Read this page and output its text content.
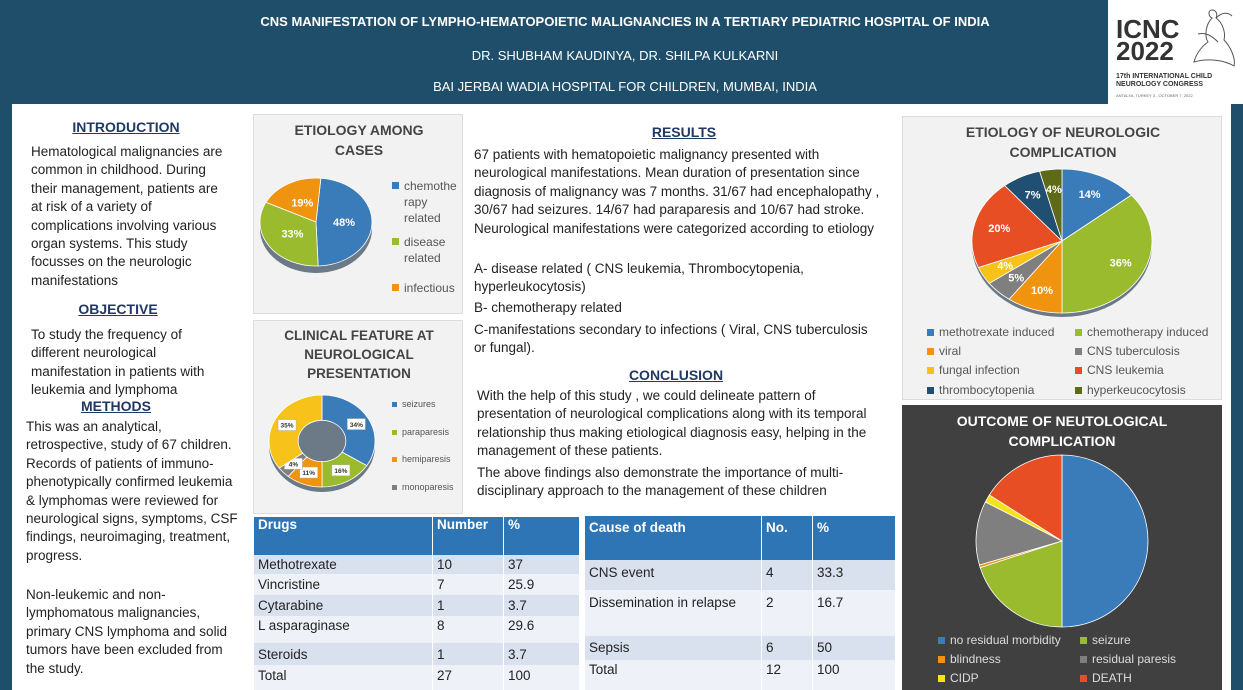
CNS MANIFESTATION OF LYMPHO-HEMATOPOIETIC MALIGNANCIES IN A TERTIARY PEDIATRIC HOSPITAL OF INDIA
DR. SHUBHAM KAUDINYA, DR. SHILPA KULKARNI
BAI JERBAI WADIA HOSPITAL FOR CHILDREN, MUMBAI, INDIA
ICNC
2022
17th INTERNATIONAL CHILD NEUROLOGY CONGRESS
ANTALYA, TURKEY 3 - OCTOBER 7, 2022
INTRODUCTION
Hematological malignancies are common in childhood. During their management, patients are at risk of a variety of complications involving various organ systems. This study focusses on the neurologic manifestations
OBJECTIVE
To study the frequency of different neurological manifestation in patients with leukemia and lymphoma
METHODS
This was an analytical, retrospective, study of 67 children. Records of patients of immuno-phenotypically confirmed leukemia & lymphomas were reviewed for neurological signs, symptoms, CSF findings, neuroimaging, treatment, progress.
Non-leukemic and non-lymphomatous malignancies, primary CNS lymphoma and solid tumors have been excluded from the study.
ETIOLOGY AMONG CASES
48%
33%
19%
chemothe
rapy
related
disease
related
infectious
CLINICAL FEATURE AT NEUROLOGICAL PRESENTATION
34%
16%
11%
4%
35%
seizures
paraparesis
hemiparesis
monoparesis
RESULTS
67 patients with hematopoietic malignancy presented with neurological manifestations. Mean duration of presentation since diagnosis of malignancy was 7 months. 31/67 had encephalopathy , 30/67 had seizures. 14/67 had paraparesis and 10/67 had stroke. Neurological manifestations were categorized according to etiology
A- disease related ( CNS leukemia, Thrombocytopenia, hyperleukocytosis)
B- chemotherapy related
C-manifestations secondary to infections ( Viral, CNS tuberculosis or fungal).
CONCLUSION
With the help of this study , we could delineate pattern of presentation of neurological complications along with its temporal relationship thus making etiological diagnosis easy, helping in the management of these patients.
The above findings also demonstrate the importance of multi-disciplinary approach to the management of these children
Drugs	Number	%
Methotrexate	10	37
Vincristine	7	25.9
Cytarabine	1	3.7
L asparaginase	8	29.6
Steroids	1	3.7
Total	27	100
Cause of death	No.	%
CNS event	4	33.3
Dissemination in relapse	2	16.7
Sepsis	6	50
Total	12	100
ETIOLOGY OF NEUROLOGIC COMPLICATION
14%
36%
10%
5%
4%
20%
7% 4%
methotrexate induced	chemotherapy inducedviral	CNS tuberculosisfungal infection	CNS leukemiathrombocytopenia	hyperkeucocytosis
OUTCOME OF NEUTOLOGICAL COMPLICATION
no residual morbidity	seizureblindness	residual paresisCIDP	DEATH
